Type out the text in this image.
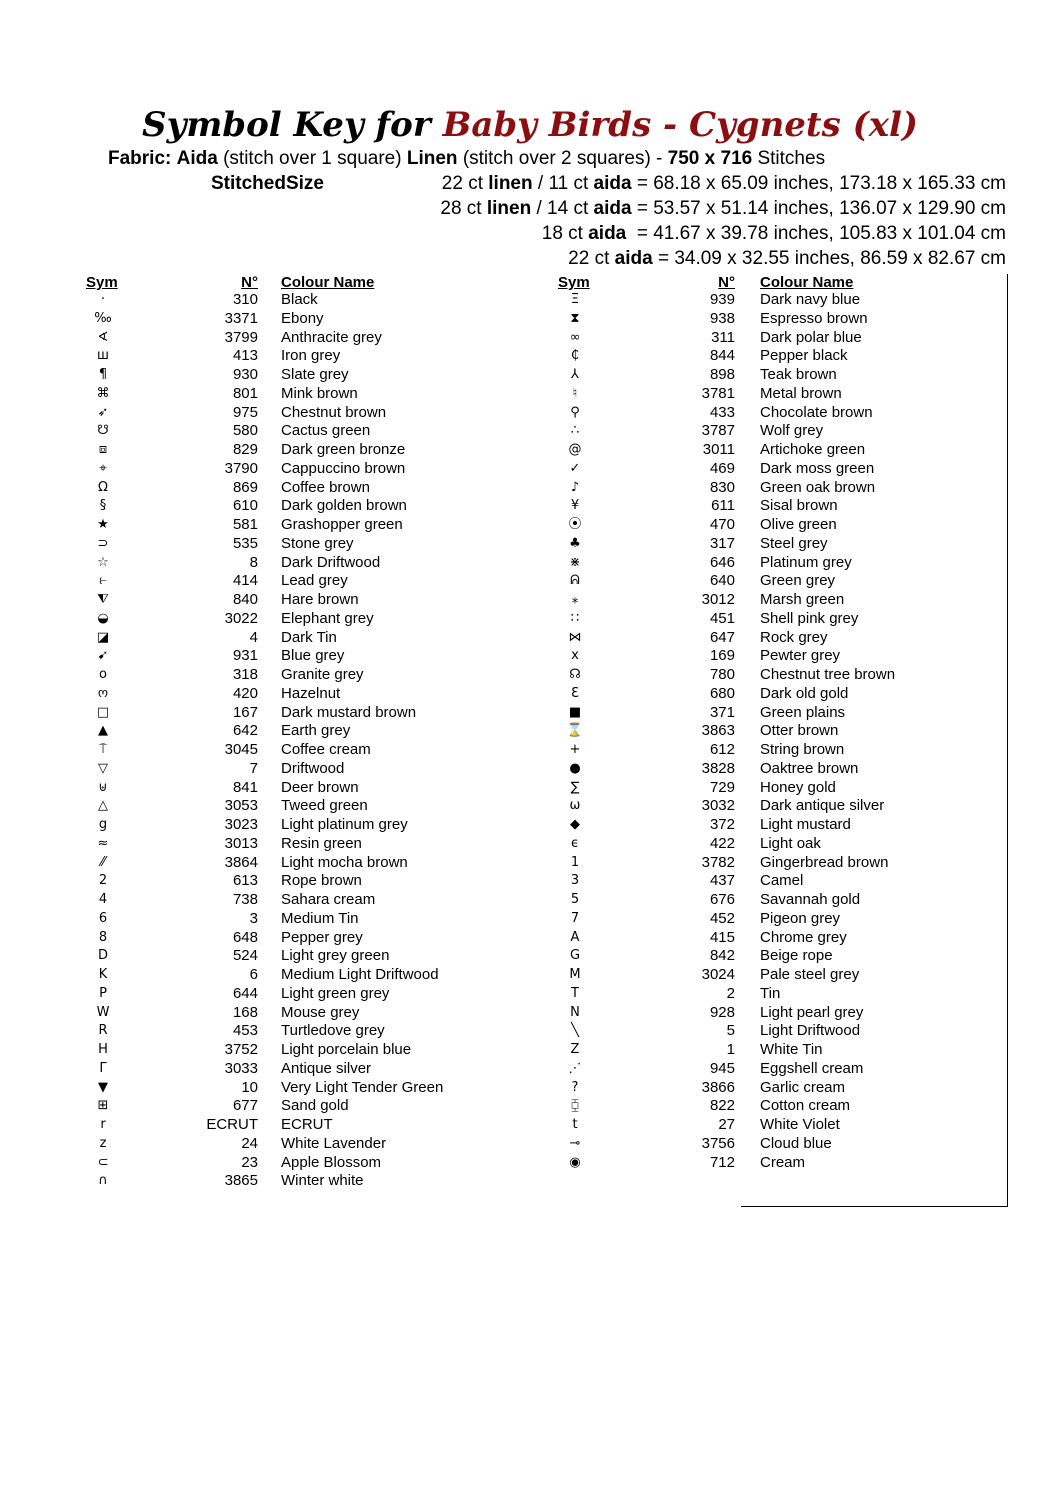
Symbol Key for Baby Birds - Cygnets (xl)
Fabric: Aida (stitch over 1 square) Linen (stitch over 2 squares) - 750 x 716 Stitches
StitchedSize	22 ct linen / 11 ct aida = 68.18 x 65.09 inches, 173.18 x 165.33 cm
28 ct linen / 14 ct aida = 53.57 x 51.14 inches, 136.07 x 129.90 cm
18 ct aida  = 41.67 x 39.78 inches, 105.83 x 101.04 cm
22 ct aida = 34.09 x 32.55 inches, 86.59 x 82.67 cm
Sym	N° Colour Name	Sym	N° Colour Name
·	310 Black
‰	3371 Ebony
∢	3799 Anthracite grey
ш	413 Iron grey
¶	930 Slate grey
⌘	801 Mink brown
➶	975 Chestnut brown
☋	580 Cactus green
⧈	829 Dark green bronze
⌖	3790 Cappuccino brown
Ω	869 Coffee brown
§	610 Dark golden brown
★	581 Grashopper green
⊃	535 Stone grey
☆	8 Dark Driftwood
⥼	414 Lead grey
⧨	840 Hare brown
◒	3022 Elephant grey
◪	4 Dark Tin
➹	931 Blue grey
o	318 Granite grey
ო	420 Hazelnut
□	167 Dark mustard brown
▲	642 Earth grey
⍑	3045 Coffee cream
▽	7 Driftwood
⊎	841 Deer brown
△	3053 Tweed green
g	3023 Light platinum grey
≈	3013 Resin green
⁄⁄	3864 Light mocha brown
2	613 Rope brown
4	738 Sahara cream
6	3 Medium Tin
8	648 Pepper grey
D	524 Light grey green
K	6 Medium Light Driftwood
P	644 Light green grey
W	168 Mouse grey
R	453 Turtledove grey
H	3752 Light porcelain blue
Γ	3033 Antique silver
▼	10 Very Light Tender Green
⊞	677 Sand gold
r	ECRUT ECRUT
z	24 White Lavender
⊂	23 Apple Blossom
∩	3865 Winter white
Ξ	939 Dark navy blue
⧗	938 Espresso brown
∞	311 Dark polar blue
₵	844 Pepper black
⅄	898 Teak brown
♮	3781 Metal brown
⚲	433 Chocolate brown
∴	3787 Wolf grey
@	3011 Artichoke green
✓	469 Dark moss green
♪	830 Green oak brown
¥	611 Sisal brown
⦿	470 Olive green
♣	317 Steel grey
⋇	646 Platinum grey
ᕱ	640 Green grey
⁎	3012 Marsh green
∷	451 Shell pink grey
⋈	647 Rock grey
x	169 Pewter grey
☊	780 Chestnut tree brown
Ɛ	680 Dark old gold
■	371 Green plains
⌛	3863 Otter brown
+	612 String brown
●	3828 Oaktree brown
∑	729 Honey gold
ω	3032 Dark antique silver
◆	372 Light mustard
ϵ	422 Light oak
1	3782 Gingerbread brown
3	437 Camel
5	676 Savannah gold
7	452 Pigeon grey
A	415 Chrome grey
G	842 Beige rope
M	3024 Pale steel grey
T	2 Tin
N	928 Light pearl grey
╲	5 Light Driftwood
Z	1 White Tin
⋰	945 Eggshell cream
?	3866 Garlic cream
⧮	822 Cotton cream
t	27 White Violet
⊸	3756 Cloud blue
◉	712 Cream
